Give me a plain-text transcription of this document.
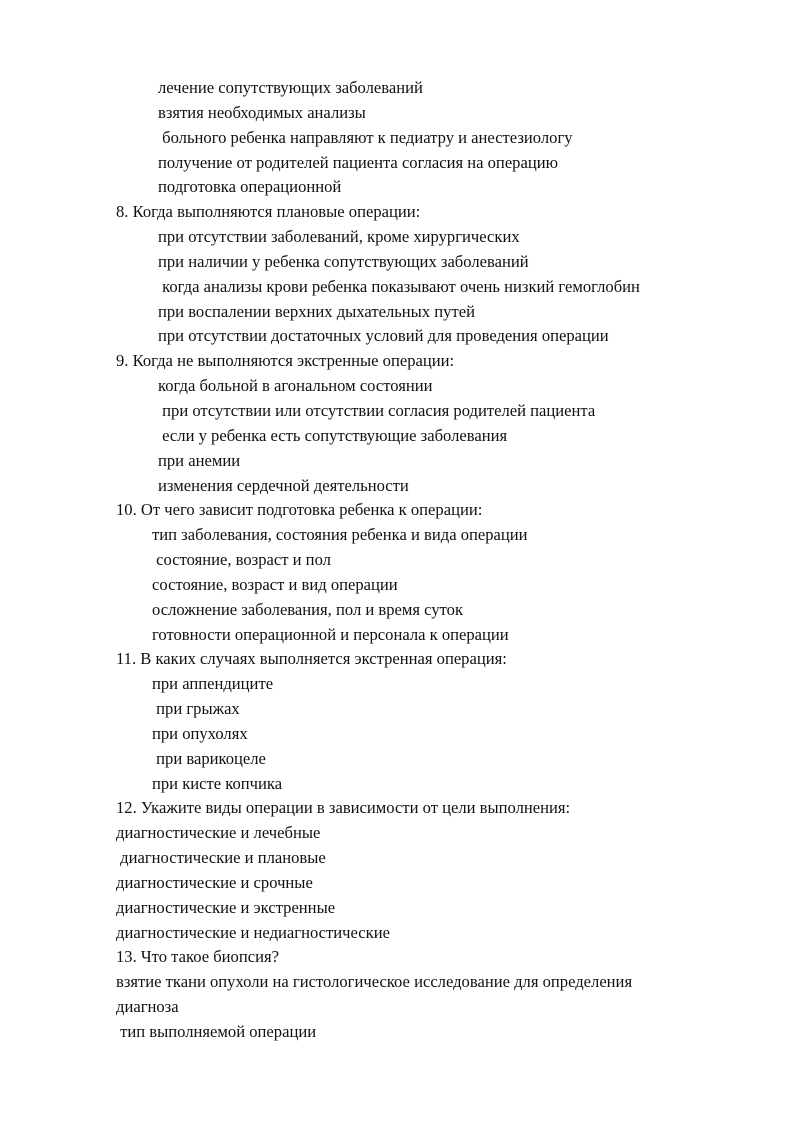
лечение сопутствующих заболеваний

взятия необходимых анализы

больного ребенка направляют к педиатру и анестезиологу

получение от родителей пациента согласия на операцию

подготовка операционной

8. Когда выполняются плановые операции:

при отсутствии заболеваний, кроме хирургических

при наличии у ребенка сопутствующих заболеваний

когда анализы крови ребенка показывают очень низкий гемоглобин

при воспалении верхних дыхательных путей

при отсутствии достаточных условий для проведения операции

9. Когда не выполняются экстренные операции:

когда больной в агональном состоянии

при отсутствии или отсутствии согласия родителей пациента

если у ребенка есть сопутствующие заболевания

при анемии

изменения сердечной деятельности

10. От чего зависит подготовка ребенка к операции:

тип заболевания, состояния ребенка и вида операции

состояние, возраст и пол

состояние, возраст и вид операции

осложнение заболевания, пол и время суток

готовности операционной и персонала к операции

11. В каких случаях выполняется экстренная операция:

при аппендиците

при грыжах

при опухолях

при варикоцеле

при кисте копчика

12. Укажите виды операции в зависимости от цели выполнения:

диагностические и лечебные

диагностические и плановые

диагностические и срочные

диагностические и экстренные

диагностические и недиагностические

13. Что такое биопсия?

взятие ткани опухоли на гистологическое исследование для определения

диагноза

тип выполняемой операции
